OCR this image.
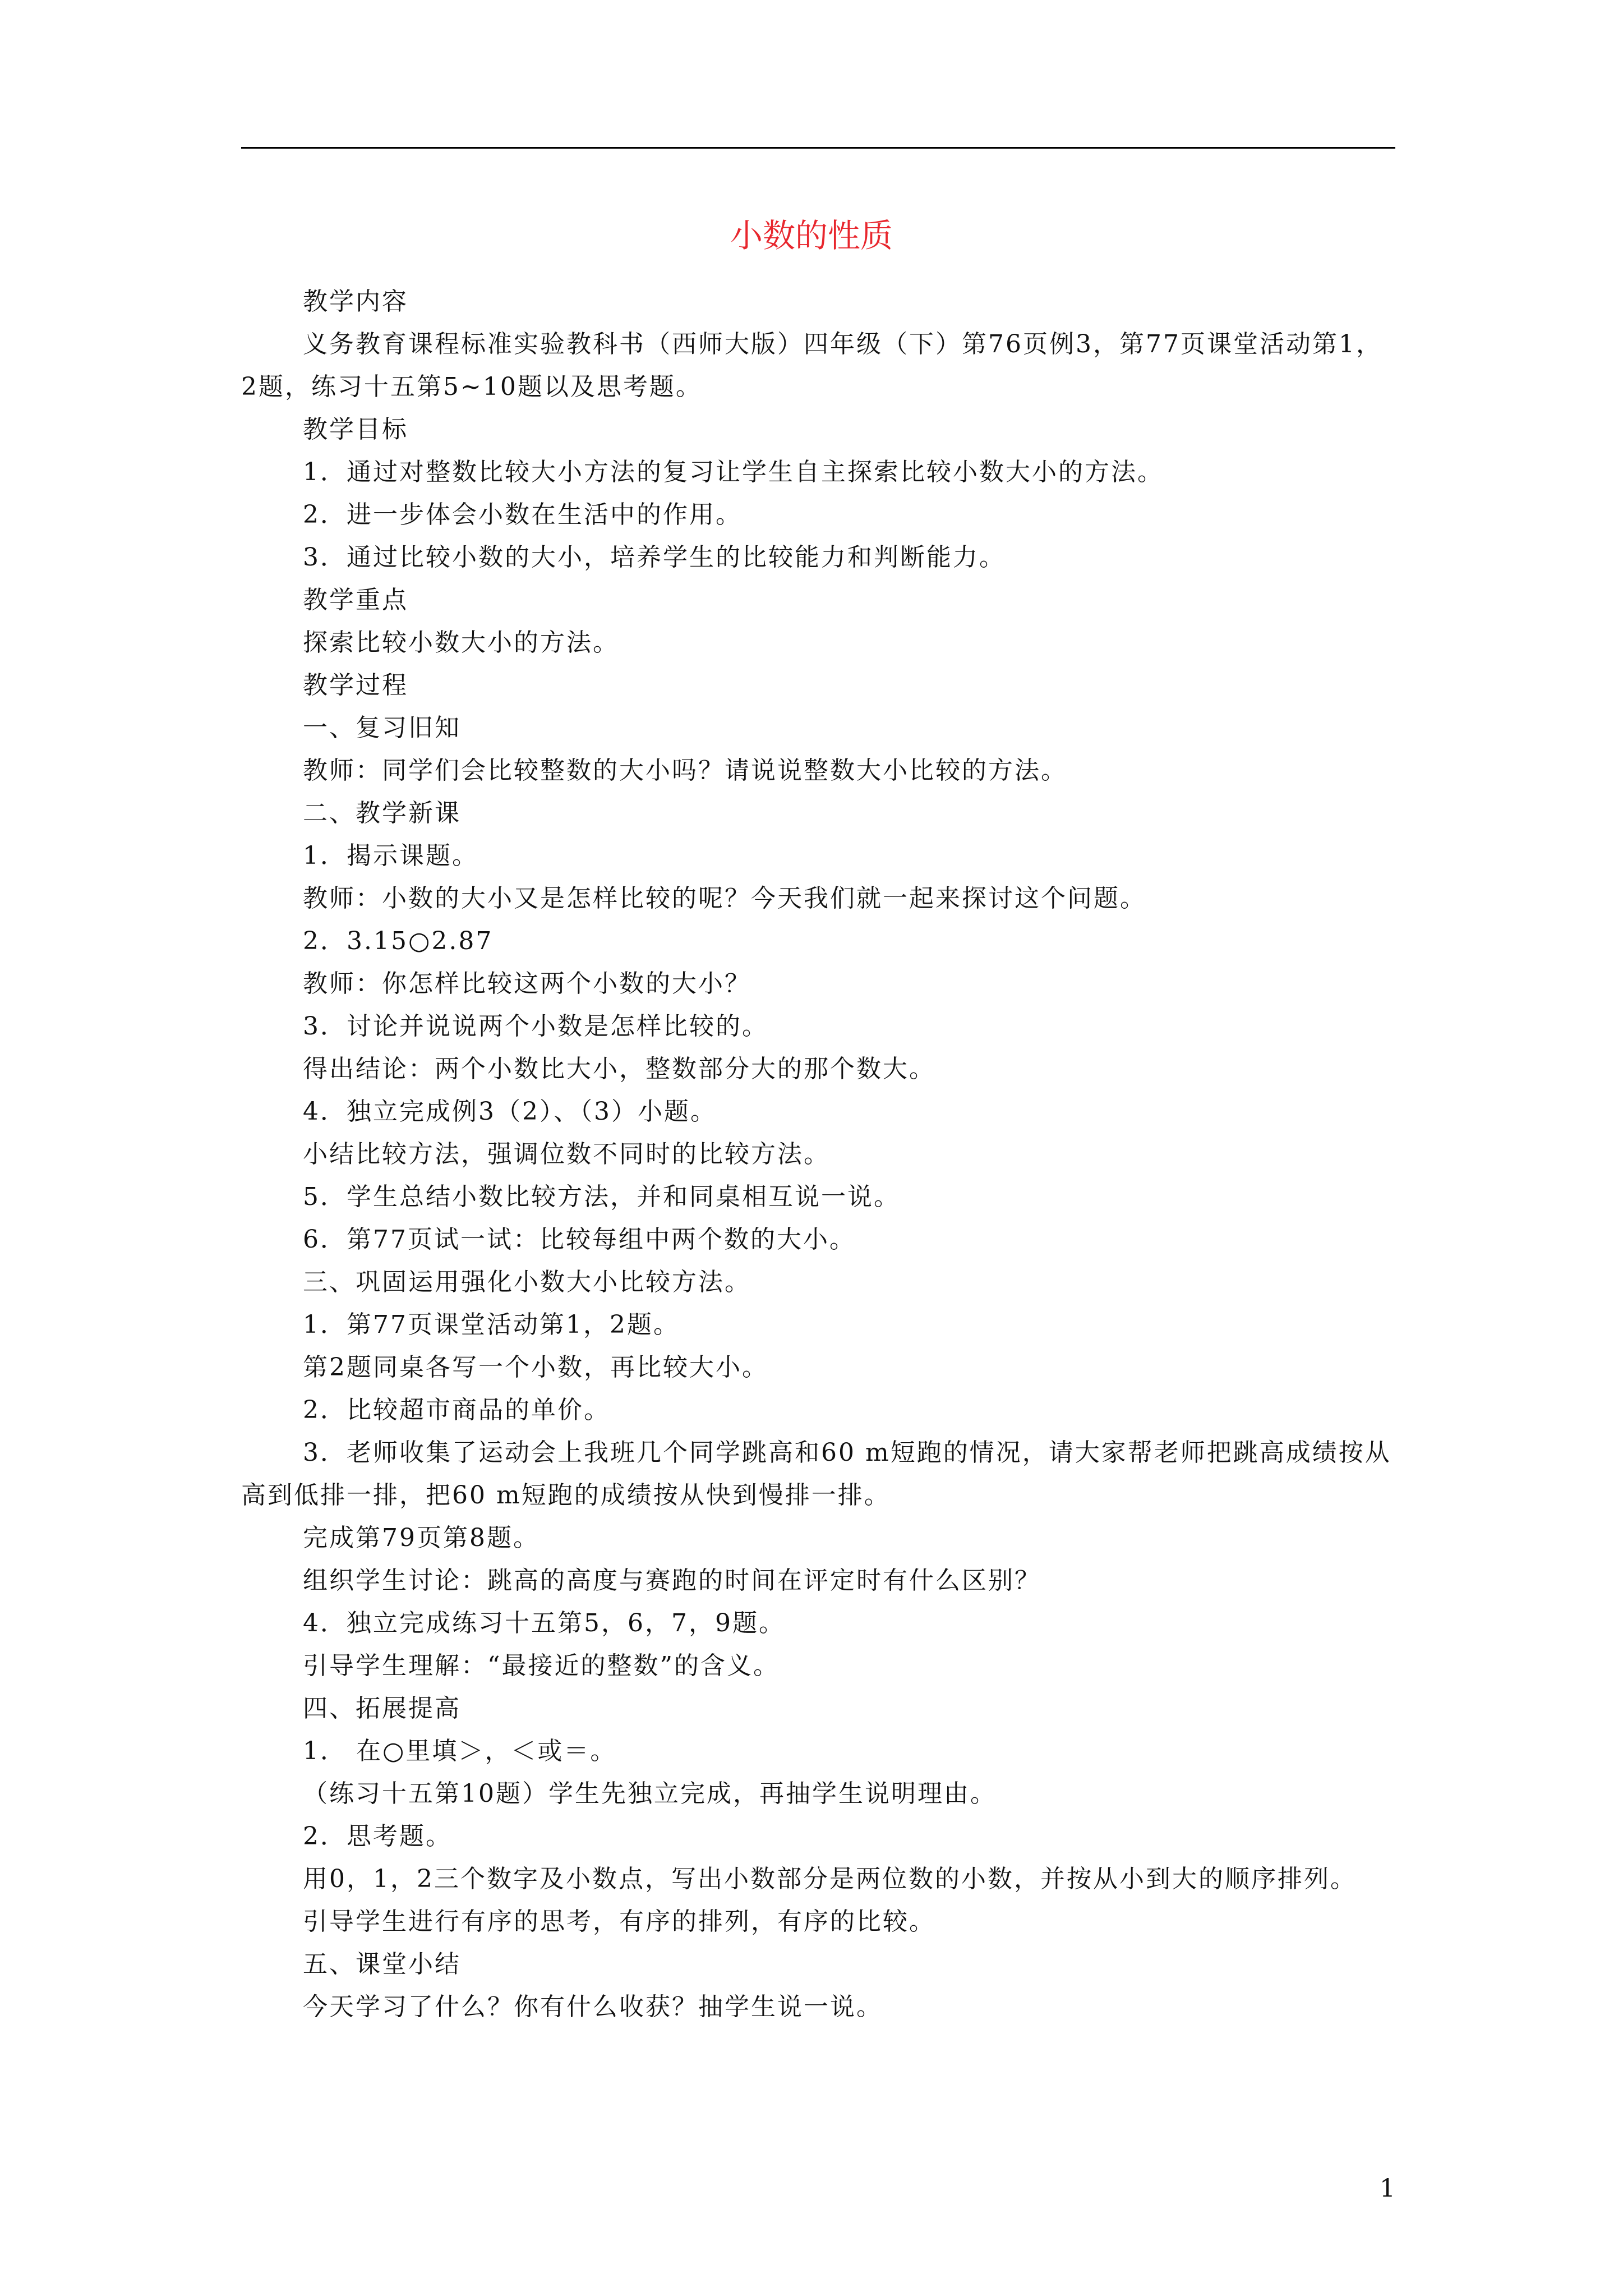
小数的性质

教学内容

义务教育课程标准实验教科书（西师大版）四年级（下）第76页例3，第77页课堂活动第1，2题，练习十五第5~10题以及思考题。

教学目标

1．通过对整数比较大小方法的复习让学生自主探索比较小数大小的方法。

2．进一步体会小数在生活中的作用。

3．通过比较小数的大小，培养学生的比较能力和判断能力。

教学重点

探索比较小数大小的方法。

教学过程

一、复习旧知

教师：同学们会比较整数的大小吗？请说说整数大小比较的方法。

二、教学新课

1．揭示课题。

教师：小数的大小又是怎样比较的呢？今天我们就一起来探讨这个问题。

2．3.15○2.87

教师：你怎样比较这两个小数的大小？

3．讨论并说说两个小数是怎样比较的。

得出结论：两个小数比大小，整数部分大的那个数大。

4．独立完成例3（2）、（3）小题。

小结比较方法，强调位数不同时的比较方法。

5．学生总结小数比较方法，并和同桌相互说一说。

6．第77页试一试：比较每组中两个数的大小。

三、巩固运用强化小数大小比较方法。

1．第77页课堂活动第1，2题。

第2题同桌各写一个小数，再比较大小。

2．比较超市商品的单价。

3．老师收集了运动会上我班几个同学跳高和60 m短跑的情况，请大家帮老师把跳高成绩按从高到低排一排，把60 m短跑的成绩按从快到慢排一排。

完成第79页第8题。

组织学生讨论：跳高的高度与赛跑的时间在评定时有什么区别？

4．独立完成练习十五第5，6，7，9题。

引导学生理解：“最接近的整数”的含义。

四、拓展提高

1． 在○里填＞，＜或＝。

（练习十五第10题）学生先独立完成，再抽学生说明理由。

2．思考题。

用0，1，2三个数字及小数点，写出小数部分是两位数的小数，并按从小到大的顺序排列。

引导学生进行有序的思考，有序的排列，有序的比较。

五、课堂小结

今天学习了什么？你有什么收获？抽学生说一说。

1
